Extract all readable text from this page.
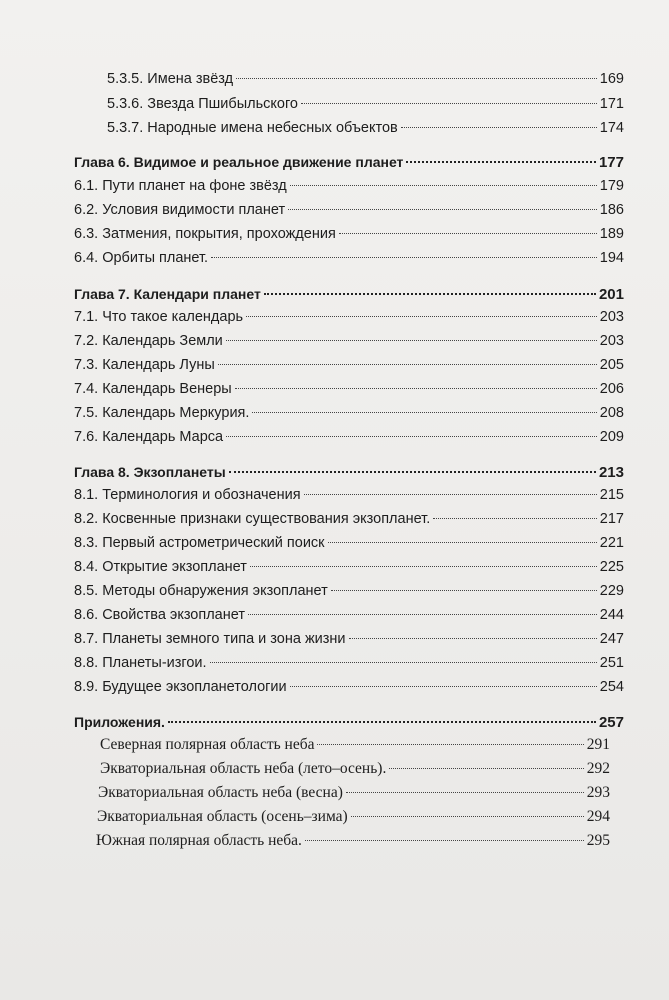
5.3.5. Имена звёзд	169
5.3.6. Звезда Пшибыльского	171
5.3.7. Народные имена небесных объектов	174
Глава 6. Видимое и реальное движение планет	177
6.1. Пути планет на фоне звёзд	179
6.2. Условия видимости планет	186
6.3. Затмения, покрытия, прохождения	189
6.4. Орбиты планет.	194
Глава 7. Календари планет	201
7.1. Что такое календарь	203
7.2. Календарь Земли	203
7.3. Календарь Луны	205
7.4. Календарь Венеры	206
7.5. Календарь Меркурия.	208
7.6. Календарь Марса	209
Глава 8. Экзопланеты	213
8.1. Терминология и обозначения	215
8.2. Косвенные признаки существования экзопланет.	217
8.3. Первый астрометрический поиск	221
8.4. Открытие экзопланет	225
8.5. Методы обнаружения экзопланет	229
8.6. Свойства экзопланет	244
8.7. Планеты земного типа и зона жизни	247
8.8. Планеты-изгои.	251
8.9. Будущее экзопланетологии	254
Приложения.	257
Северная полярная область неба	291
Экваториальная область неба (лето–осень).	292
Экваториальная область неба (весна)	293
Экваториальная область (осень–зима)	294
Южная полярная область неба.	295
